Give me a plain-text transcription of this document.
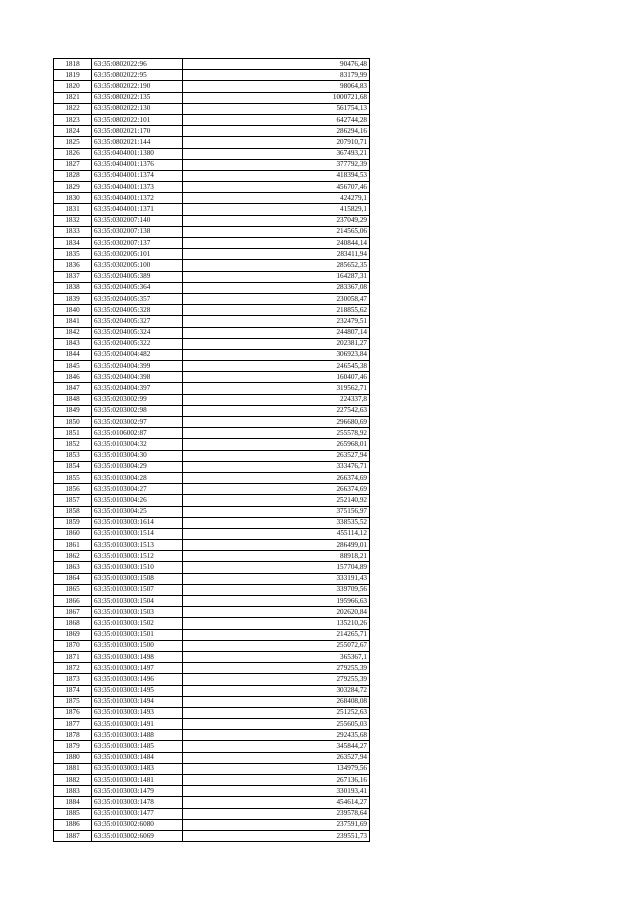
1818	63:35:0802022:96	90476,48
1819	63:35:0802022:95	83179,99
1820	63:35:0802022:190	98064,83
1821	63:35:0802022:135	1000721,68
1822	63:35:0802022:130	561754,13
1823	63:35:0802022:101	642744,28
1824	63:35:0802021:170	286294,16
1825	63:35:0802021:144	207910,71
1826	63:35:0404001:1380	367493,21
1827	63:35:0404001:1376	377792,39
1828	63:35:0404001:1374	418394,53
1829	63:35:0404001:1373	456707,46
1830	63:35:0404001:1372	424279,1
1831	63:35:0404001:1371	415829,1
1832	63:35:0302007:140	237049,29
1833	63:35:0302007:138	214565,06
1834	63:35:0302007:137	240844,14
1835	63:35:0302005:101	283411,94
1836	63:35:0302005:100	285652,35
1837	63:35:0204005:389	164287,31
1838	63:35:0204005:364	283367,08
1839	63:35:0204005:357	230058,47
1840	63:35:0204005:328	218855,62
1841	63:35:0204005:327	232479,51
1842	63:35:0204005:324	244807,14
1843	63:35:0204005:322	202381,27
1844	63:35:0204004:482	306923,84
1845	63:35:0204004:399	246545,38
1846	63:35:0204004:398	160407,46
1847	63:35:0204004:397	319562,71
1848	63:35:0203002:99	224337,8
1849	63:35:0203002:98	227542,63
1850	63:35:0203002:97	296680,69
1851	63:35:0106002:87	255578,92
1852	63:35:0103004:32	265968,01
1853	63:35:0103004:30	263527,94
1854	63:35:0103004:29	333476,71
1855	63:35:0103004:28	266374,69
1856	63:35:0103004:27	266374,69
1857	63:35:0103004:26	252140,92
1858	63:35:0103004:25	375156,97
1859	63:35:0103003:1614	338535,52
1860	63:35:0103003:1514	455114,12
1861	63:35:0103003:1513	286499,01
1862	63:35:0103003:1512	88918,21
1863	63:35:0103003:1510	157704,89
1864	63:35:0103003:1508	333191,43
1865	63:35:0103003:1507	339709,56
1866	63:35:0103003:1504	195966,63
1867	63:35:0103003:1503	202620,84
1868	63:35:0103003:1502	135210,26
1869	63:35:0103003:1501	214265,71
1870	63:35:0103003:1500	255072,67
1871	63:35:0103003:1498	365367,1
1872	63:35:0103003:1497	279255,39
1873	63:35:0103003:1496	279255,39
1874	63:35:0103003:1495	303284,72
1875	63:35:0103003:1494	268408,08
1876	63:35:0103003:1493	251252,63
1877	63:35:0103003:1491	255605,03
1878	63:35:0103003:1488	292435,68
1879	63:35:0103003:1485	345844,27
1880	63:35:0103003:1484	263527,94
1881	63:35:0103003:1483	134979,56
1882	63:35:0103003:1481	267136,16
1883	63:35:0103003:1479	330193,41
1884	63:35:0103003:1478	454614,27
1885	63:35:0103003:1477	239578,64
1886	63:35:0103002:6080	237591,69
1887	63:35:0103002:6069	239551,73
